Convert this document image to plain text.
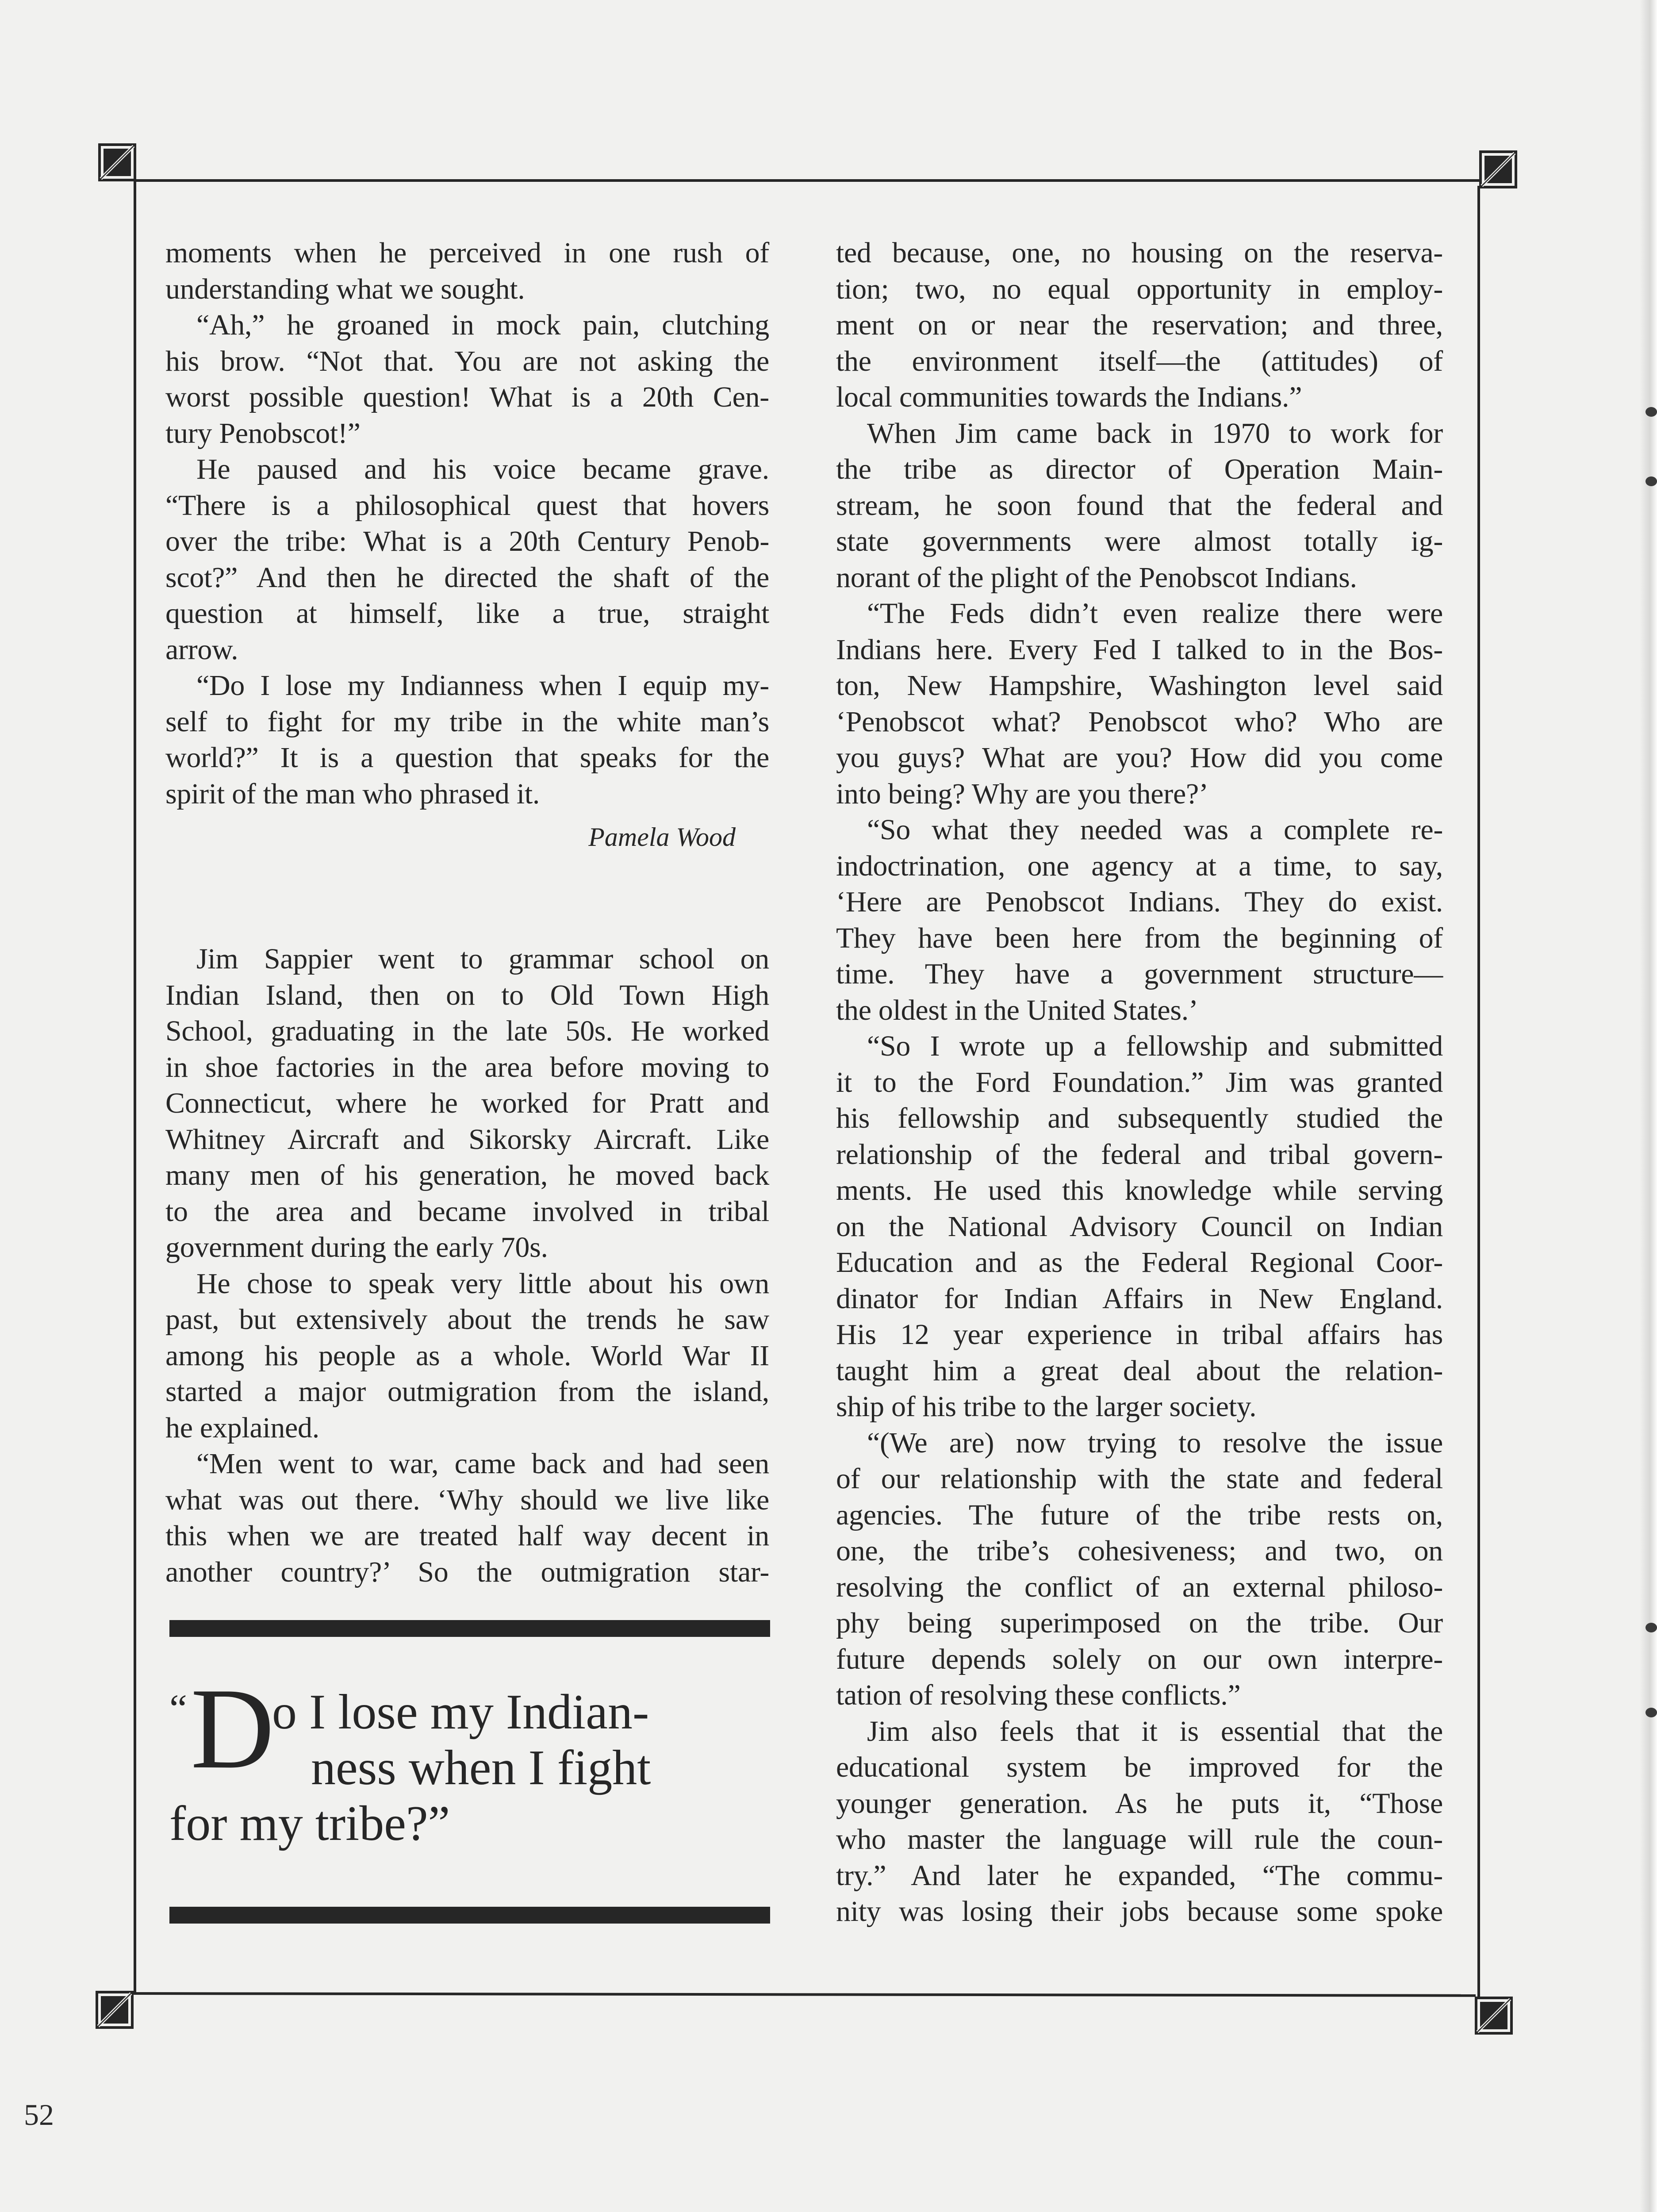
moments when he perceived in one rush of
understanding what we sought.
“Ah,” he groaned in mock pain, clutching
his brow. “Not that. You are not asking the
worst possible question! What is a 20th Cen-
tury Penobscot!”
He paused and his voice became grave.
“There is a philosophical quest that hovers
over the tribe: What is a 20th Century Penob-
scot?” And then he directed the shaft of the
question at himself, like a true, straight
arrow.
“Do I lose my Indianness when I equip my-
self to fight for my tribe in the white man’s
world?” It is a question that speaks for the
spirit of the man who phrased it.
Pamela Wood
Jim Sappier went to grammar school on
Indian Island, then on to Old Town High
School, graduating in the late 50s. He worked
in shoe factories in the area before moving to
Connecticut, where he worked for Pratt and
Whitney Aircraft and Sikorsky Aircraft. Like
many men of his generation, he moved back
to the area and became involved in tribal
government during the early 70s.
He chose to speak very little about his own
past, but extensively about the trends he saw
among his people as a whole. World War II
started a major outmigration from the island,
he explained.
“Men went to war, came back and had seen
what was out there. ‘Why should we live like
this when we are treated half way decent in
another country?’ So the outmigration star-
“ D
o I lose my Indian-
ness when I fight
for my tribe?”
ted because, one, no housing on the reserva-
tion; two, no equal opportunity in employ-
ment on or near the reservation; and three,
the environment itself—the (attitudes) of
local communities towards the Indians.”
When Jim came back in 1970 to work for
the tribe as director of Operation Main-
stream, he soon found that the federal and
state governments were almost totally ig-
norant of the plight of the Penobscot Indians.
“The Feds didn’t even realize there were
Indians here. Every Fed I talked to in the Bos-
ton, New Hampshire, Washington level said
‘Penobscot what? Penobscot who? Who are
you guys? What are you? How did you come
into being? Why are you there?’
“So what they needed was a complete re-
indoctrination, one agency at a time, to say,
‘Here are Penobscot Indians. They do exist.
They have been here from the beginning of
time. They have a government structure—
the oldest in the United States.’
“So I wrote up a fellowship and submitted
it to the Ford Foundation.” Jim was granted
his fellowship and subsequently studied the
relationship of the federal and tribal govern-
ments. He used this knowledge while serving
on the National Advisory Council on Indian
Education and as the Federal Regional Coor-
dinator for Indian Affairs in New England.
His 12 year experience in tribal affairs has
taught him a great deal about the relation-
ship of his tribe to the larger society.
“(We are) now trying to resolve the issue
of our relationship with the state and federal
agencies. The future of the tribe rests on,
one, the tribe’s cohesiveness; and two, on
resolving the conflict of an external philoso-
phy being superimposed on the tribe. Our
future depends solely on our own interpre-
tation of resolving these conflicts.”
Jim also feels that it is essential that the
educational system be improved for the
younger generation. As he puts it, “Those
who master the language will rule the coun-
try.” And later he expanded, “The commu-
nity was losing their jobs because some spoke
52
